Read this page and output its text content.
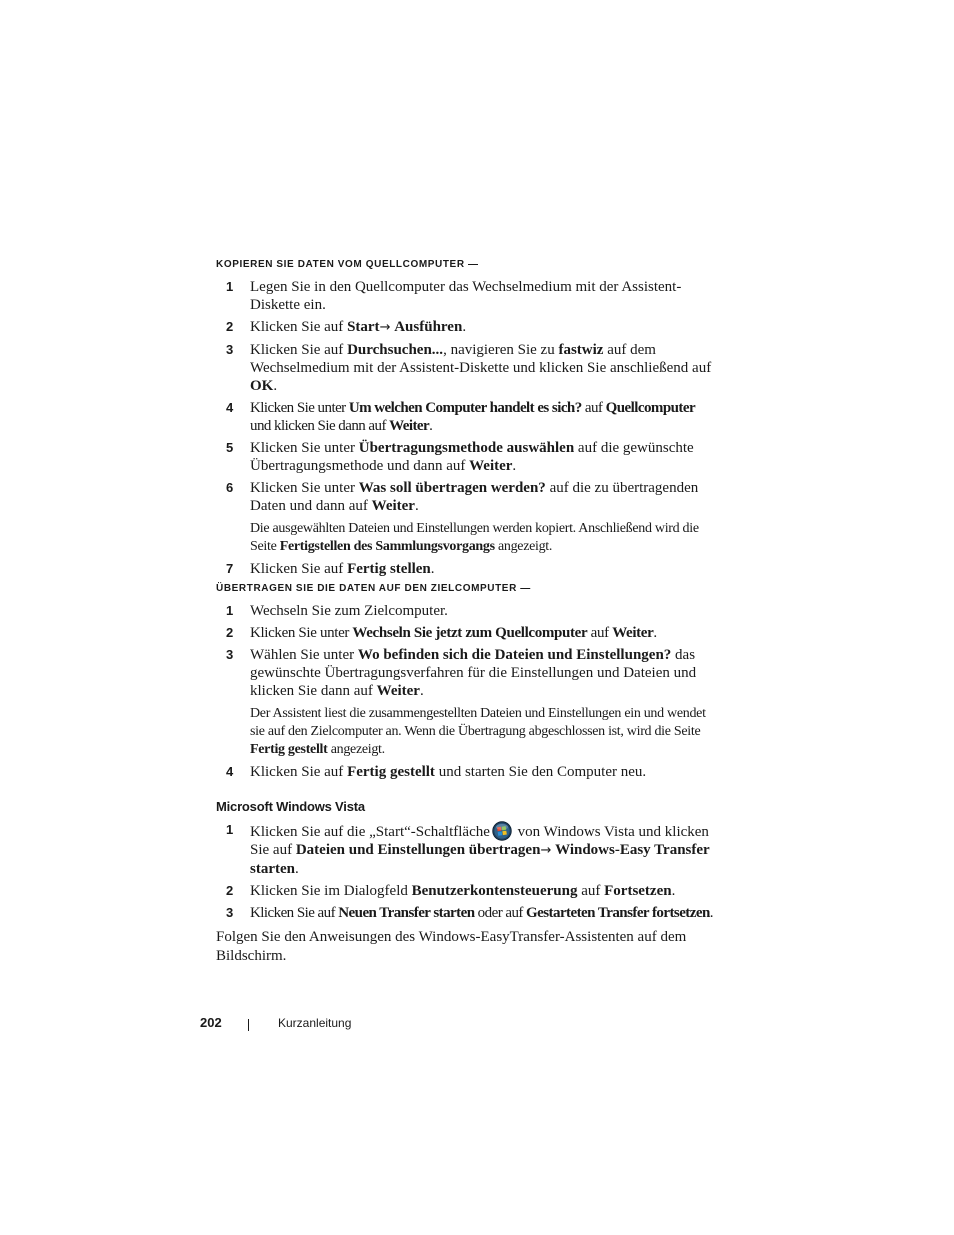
KOPIEREN SIE DATEN VOM QUELLCOMPUTER —
1 Legen Sie in den Quellcomputer das Wechselmedium mit der Assistent-Diskette ein.
2 Klicken Sie auf Start→ Ausführen.
3 Klicken Sie auf Durchsuchen..., navigieren Sie zu fastwiz auf dem Wechselmedium mit der Assistent-Diskette und klicken Sie anschließend auf OK.
4 Klicken Sie unter Um welchen Computer handelt es sich? auf Quellcomputer und klicken Sie dann auf Weiter.
5 Klicken Sie unter Übertragungsmethode auswählen auf die gewünschte Übertragungsmethode und dann auf Weiter.
6 Klicken Sie unter Was soll übertragen werden? auf die zu übertragenden Daten und dann auf Weiter.
Die ausgewählten Dateien und Einstellungen werden kopiert. Anschließend wird die Seite Fertigstellen des Sammlungsvorgangs angezeigt.
7 Klicken Sie auf Fertig stellen.
ÜBERTRAGEN SIE DIE DATEN AUF DEN ZIELCOMPUTER —
1 Wechseln Sie zum Zielcomputer.
2 Klicken Sie unter Wechseln Sie jetzt zum Quellcomputer auf Weiter.
3 Wählen Sie unter Wo befinden sich die Dateien und Einstellungen? das gewünschte Übertragungsverfahren für die Einstellungen und Dateien und klicken Sie dann auf Weiter.
Der Assistent liest die zusammengestellten Dateien und Einstellungen ein und wendet sie auf den Zielcomputer an. Wenn die Übertragung abgeschlossen ist, wird die Seite Fertig gestellt angezeigt.
4 Klicken Sie auf Fertig gestellt und starten Sie den Computer neu.
Microsoft Windows Vista
1 Klicken Sie auf die „Start“-Schaltfläche von Windows Vista und klicken Sie auf Dateien und Einstellungen übertragen→ Windows-Easy Transfer starten.
2 Klicken Sie im Dialogfeld Benutzerkontensteuerung auf Fortsetzen.
3 Klicken Sie auf Neuen Transfer starten oder auf Gestarteten Transfer fortsetzen.
Folgen Sie den Anweisungen des Windows-EasyTransfer-Assistenten auf dem Bildschirm.
202	Kurzanleitung
